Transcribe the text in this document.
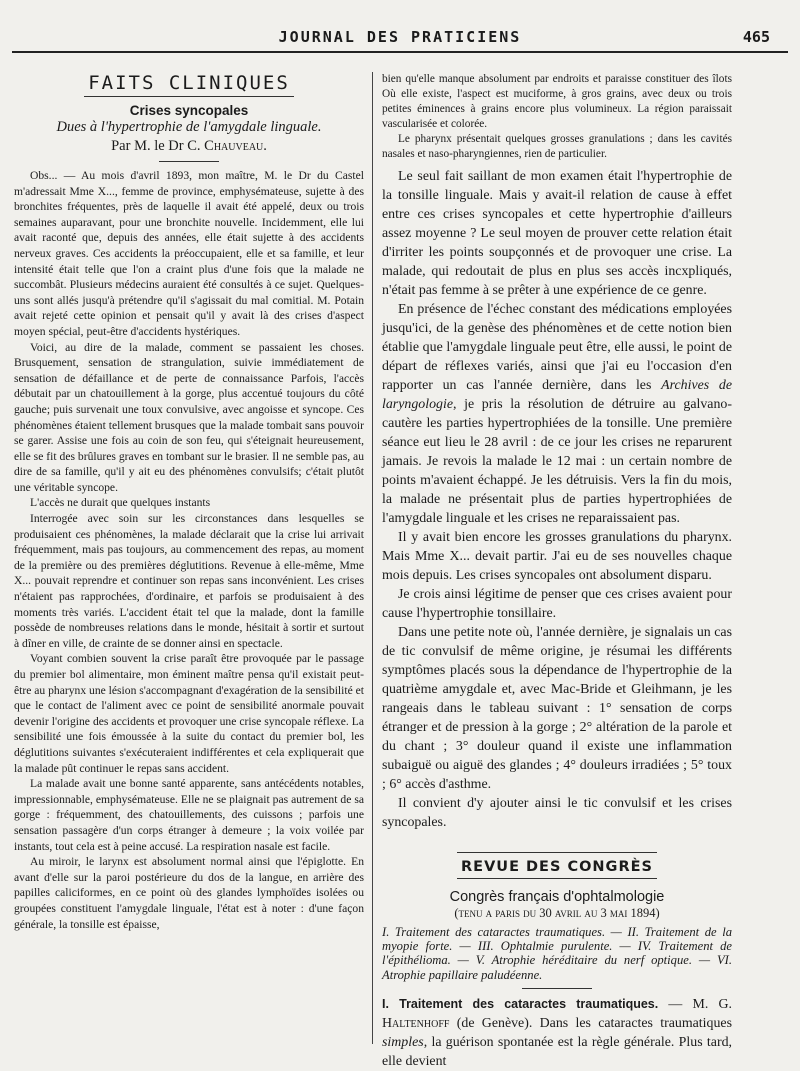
JOURNAL DES PRATICIENS	465
FAITS CLINIQUES
Crises syncopales
Dues à l'hypertrophie de l'amygdale linguale.
Par M. le Dr C. Chauveau.

Obs... — Au mois d'avril 1893, mon maître, M. le Dr du Castel m'adressait Mme X..., femme de province, emphysémateuse, sujette à des bronchites fréquentes, près de laquelle il avait été appelé, deux ou trois semaines auparavant, pour une bronchite nouvelle. Incidemment, elle lui avait raconté que, depuis des années, elle était sujette à des accidents nerveux graves. Ces accidents la préoccupaient, elle et sa famille, et leur intensité était telle que l'on a craint plus d'une fois que la malade ne succombât. Plusieurs médecins auraient été consultés à ce sujet. Quelques-uns sont allés jusqu'à prétendre qu'il s'agissait du mal comitial. M. Potain avait rejeté cette opinion et pensait qu'il y avait là des crises d'aspect moyen spécial, peut-être d'accidents hystériques.

Voici, au dire de la malade, comment se passaient les choses. Brusquement, sensation de strangulation, suivie immédiatement de sensation de défaillance et de perte de connaissance Parfois, l'accès débutait par un chatouillement à la gorge, plus accentué toujours du côté gauche; puis survenait une toux convulsive, avec angoisse et syncope. Ces phénomènes étaient tellement brusques que la malade tombait sans pouvoir se garer. Assise une fois au coin de son feu, qui s'éteignait heureusement, elle se fit des brûlures graves en tombant sur le brasier. Il ne semble pas, au dire de sa famille, qu'il y ait eu des phénomènes convulsifs; c'était plutôt une véritable syncope.

L'accès ne durait que quelques instants

Interrogée avec soin sur les circonstances dans lesquelles se produisaient ces phénomènes, la malade déclarait que la crise lui arrivait fréquemment, mais pas toujours, au commencement des repas, au moment de la première ou des premières déglutitions. Revenue à elle-même, Mme X... pouvait reprendre et continuer son repas sans inconvénient. Les crises n'étaient pas rapprochées, d'ordinaire, et parfois se produisaient à des moments très variés. L'accident était tel que la malade, dont la famille possède de nombreuses relations dans le monde, hésitait à sortir et surtout à dîner en ville, de crainte de se donner ainsi en spectacle.

Voyant combien souvent la crise paraît être provoquée par le passage du premier bol alimentaire, mon éminent maître pensa qu'il existait peut-être au pharynx une lésion s'accompagnant d'exagération de la sensibilité et que le contact de l'aliment avec ce point de sensibilité anormale pouvait devenir l'origine des accidents et provoquer une crise syncopale réflexe. La sensibilité une fois émoussée à la suite du contact du premier bol, les déglutitions suivantes s'exécuteraient indifférentes et cela expliquerait que la malade pût continuer le repas sans accident.

La malade avait une bonne santé apparente, sans antécédents notables, impressionnable, emphysémateuse. Elle ne se plaignait pas autrement de sa gorge : fréquemment, des chatouillements, des cuissons ; parfois une sensation passagère d'un corps étranger à demeure ; la voix voilée par instants, tout cela est à peine accusé. La respiration nasale est facile.

Au miroir, le larynx est absolument normal ainsi que l'épiglotte. En avant d'elle sur la paroi postérieure du dos de la langue, en arrière des papilles caliciformes, en ce point où des glandes lymphoïdes isolées ou groupées constituent l'amygdale linguale, l'état est à noter : d'une façon générale, la tonsille est épaisse,

bien qu'elle manque absolument par endroits et paraisse constituer des îlots Où elle existe, l'aspect est muciforme, à gros grains, avec deux ou trois petites éminences à grains encore plus volumineux. La région paraissait vascularisée et colorée.

Le pharynx présentait quelques grosses granulations ; dans les cavités nasales et naso-pharyngiennes, rien de particulier.

Le seul fait saillant de mon examen était l'hypertrophie de la tonsille linguale. Mais y avait-il relation de cause à effet entre ces crises syncopales et cette hypertrophie d'ailleurs assez moyenne ? Le seul moyen de prouver cette relation était d'irriter les points soupçonnés et de provoquer une crise. La malade, qui redoutait de plus en plus ses accès incxpliqués, n'était pas femme à se prêter à une expérience de ce genre.

En présence de l'échec constant des médications employées jusqu'ici, de la genèse des phénomènes et de cette notion bien établie que l'amygdale linguale peut être, elle aussi, le point de départ de réflexes variés, ainsi que j'ai eu l'occasion d'en rapporter un cas l'année dernière, dans les Archives de laryngologie, je pris la résolution de détruire au galvano-cautère les parties hypertrophiées de la tonsille. Une première séance eut lieu le 28 avril : de ce jour les crises ne reparurent jamais. Je revois la malade le 12 mai : un certain nombre de points m'avaient échappé. Je les détruisis. Vers la fin du mois, la malade ne présentait plus de parties hypertrophiées de l'amygdale linguale et les crises ne reparaissaient pas.

Il y avait bien encore les grosses granulations du pharynx. Mais Mme X... devait partir. J'ai eu de ses nouvelles chaque mois depuis. Les crises syncopales ont absolument disparu.

Je crois ainsi légitime de penser que ces crises avaient pour cause l'hypertrophie tonsillaire.

Dans une petite note où, l'année dernière, je signalais un cas de tic convulsif de même origine, je résumai les différents symptômes placés sous la dépendance de l'hypertrophie de la quatrième amygdale et, avec Mac-Bride et Gleihmann, je les rangeais dans le tableau suivant : 1° sensation de corps étranger et de pression à la gorge ; 2° altération de la parole et du chant ; 3° douleur quand il existe une inflammation subaiguë ou aiguë des glandes ; 4° douleurs irradiées ; 5° toux ; 6° accès d'asthme.

Il convient d'y ajouter ainsi le tic convulsif et les crises syncopales.

REVUE DES CONGRÈS
Congrès français d'ophtalmologie
(tenu a paris du 30 avril au 3 mai 1894)
I. Traitement des cataractes traumatiques. — II. Traitement de la myopie forte. — III. Ophtalmie purulente. — IV. Traitement de l'épithélioma. — V. Atrophie héréditaire du nerf optique. — VI. Atrophie papillaire paludéenne.

I. Traitement des cataractes traumatiques. — M. G. Haltenhoff (de Genève). Dans les cataractes traumatiques simples, la guérison spontanée est la règle générale. Plus tard, elle devient
